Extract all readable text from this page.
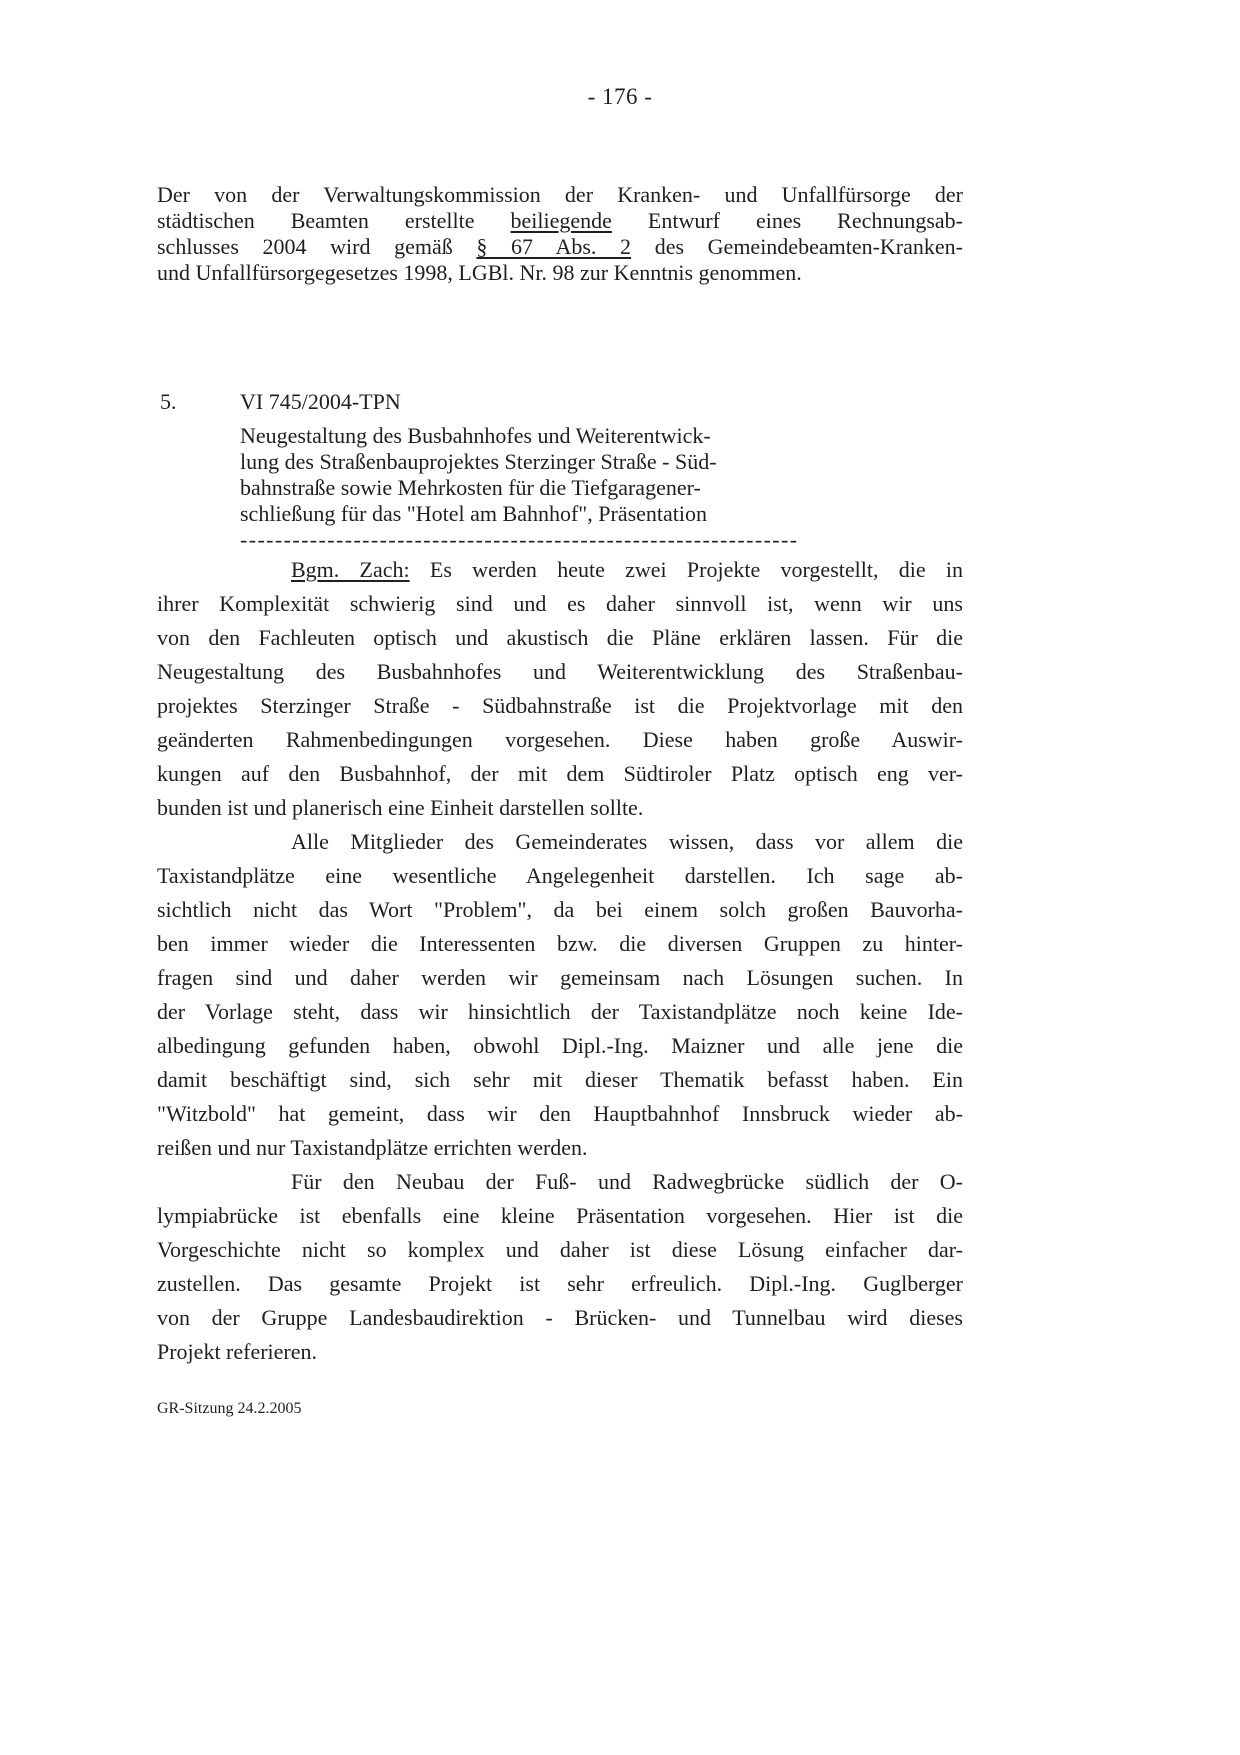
- 176 -
Der von der Verwaltungskommission der Kranken- und Unfallfürsorge der
städtischen Beamten erstellte beiliegende Entwurf eines Rechnungsab-
schlusses 2004 wird gemäß § 67 Abs. 2 des Gemeindebeamten-Kranken-
und Unfallfürsorgegesetzes 1998, LGBl. Nr. 98 zur Kenntnis genommen.
5.	VI 745/2004-TPN
Neugestaltung des Busbahnhofes und Weiterentwick-
lung des Straßenbauprojektes Sterzinger Straße - Süd-
bahnstraße sowie Mehrkosten für die Tiefgaragener-
schließung für das "Hotel am Bahnhof", Präsentation
----------------------------------------------------------------
Bgm. Zach: Es werden heute zwei Projekte vorgestellt, die in
ihrer Komplexität schwierig sind und es daher sinnvoll ist, wenn wir uns
von den Fachleuten optisch und akustisch die Pläne erklären lassen. Für die
Neugestaltung des Busbahnhofes und Weiterentwicklung des Straßenbau-
projektes Sterzinger Straße - Südbahnstraße ist die Projektvorlage mit den
geänderten Rahmenbedingungen vorgesehen. Diese haben große Auswir-
kungen auf den Busbahnhof, der mit dem Südtiroler Platz optisch eng ver-
bunden ist und planerisch eine Einheit darstellen sollte.
Alle Mitglieder des Gemeinderates wissen, dass vor allem die
Taxistandplätze eine wesentliche Angelegenheit darstellen. Ich sage ab-
sichtlich nicht das Wort "Problem", da bei einem solch großen Bauvorha-
ben immer wieder die Interessenten bzw. die diversen Gruppen zu hinter-
fragen sind und daher werden wir gemeinsam nach Lösungen suchen. In
der Vorlage steht, dass wir hinsichtlich der Taxistandplätze noch keine Ide-
albedingung gefunden haben, obwohl Dipl.-Ing. Maizner und alle jene die
damit beschäftigt sind, sich sehr mit dieser Thematik befasst haben. Ein
"Witzbold" hat gemeint, dass wir den Hauptbahnhof Innsbruck wieder ab-
reißen und nur Taxistandplätze errichten werden.
Für den Neubau der Fuß- und Radwegbrücke südlich der O-
lympiabrücke ist ebenfalls eine kleine Präsentation vorgesehen. Hier ist die
Vorgeschichte nicht so komplex und daher ist diese Lösung einfacher dar-
zustellen. Das gesamte Projekt ist sehr erfreulich. Dipl.-Ing. Guglberger
von der Gruppe Landesbaudirektion - Brücken- und Tunnelbau wird dieses
Projekt referieren.
GR-Sitzung 24.2.2005
